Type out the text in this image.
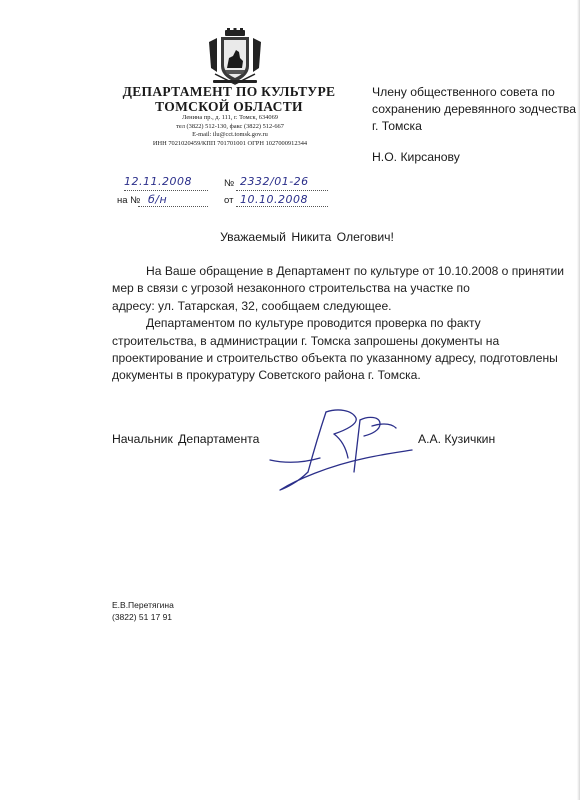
ДЕПАРТАМЕНТ ПО КУЛЬТУРЕ
ТОМСКОЙ ОБЛАСТИ
Ленина пр., д. 111, г. Томск, 634069
тел (3822) 512-130, факс (3822) 512-667
E-mail: ilu@cct.tomsk.gov.ru
ИНН 7021020459/КПП 701701001 ОГРН 1027000912344
Члену общественного совета по
сохранению деревянного зодчества
г. Томска
Н.О. Кирсанову
12.11.2008	№ 2332/01-26
на № б/н	от 10.10.2008
Уважаемый Никита Олегович!

На Ваше обращение в Департамент по культуре от 10.10.2008 о принятии

мер в связи с угрозой незаконного строительства на участке по

адресу: ул. Татарская, 32, сообщаем следующее.

Департаментом по культуре проводится проверка по факту

строительства, в администрации г. Томска запрошены документы на

проектирование и строительство объекта по указанному адресу, подготовлены

документы в прокуратуру Советского района г. Томска.

Начальник Департамента	А.А. Кузичкин
Е.В.Перетягина
(3822) 51 17 91
